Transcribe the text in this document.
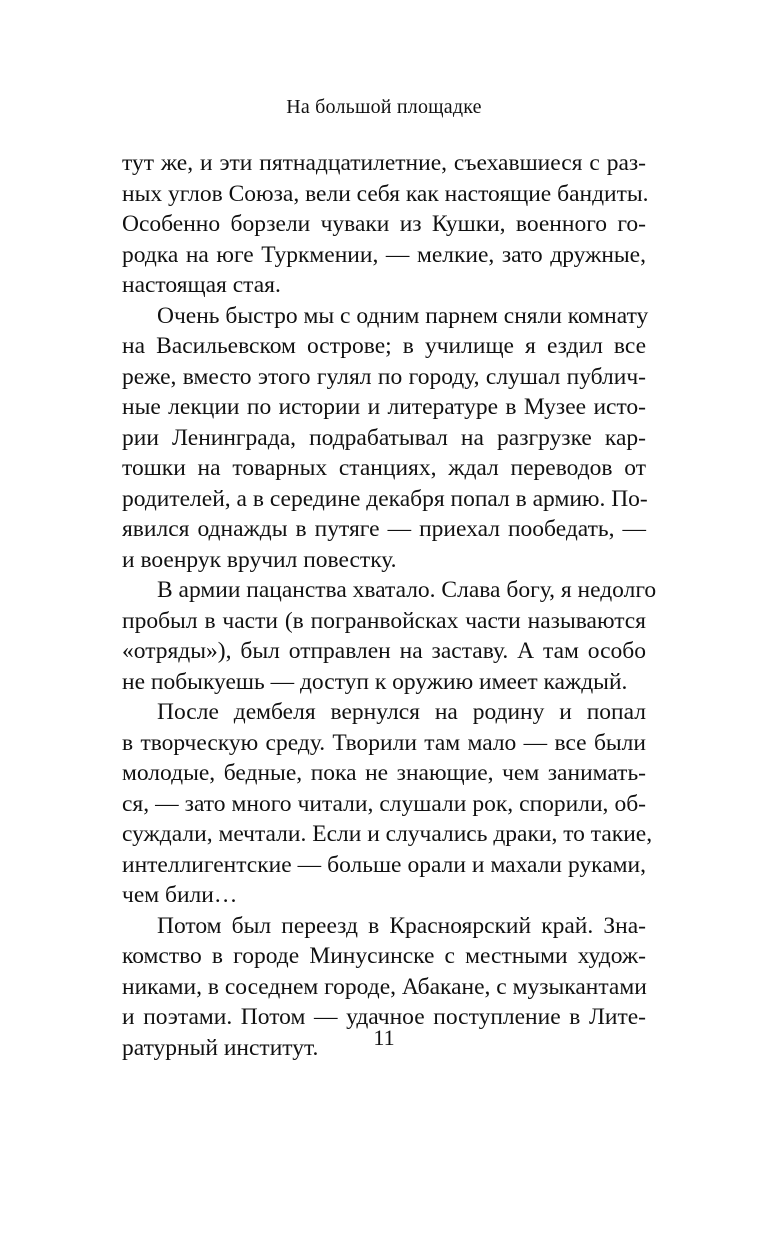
На большой площадке
тут же, и эти пятнадцатилетние, съехавшиеся с раз-
ных углов Союза, вели себя как настоящие бандиты.
Особенно борзели чуваки из Кушки, военного го-
родка на юге Туркмении, — мелкие, зато дружные,
настоящая стая.
Очень быстро мы с одним парнем сняли комнату
на Васильевском острове; в училище я ездил все
реже, вместо этого гулял по городу, слушал публич-
ные лекции по истории и литературе в Музее исто-
рии Ленинграда, подрабатывал на разгрузке кар-
тошки на товарных станциях, ждал переводов от
родителей, а в середине декабря попал в армию. По-
явился однажды в путяге — приехал пообедать, —
и военрук вручил повестку.
В армии пацанства хватало. Слава богу, я недолго
пробыл в части (в погранвойсках части называются
«отряды»), был отправлен на заставу. А там особо
не побыкуешь — доступ к оружию имеет каждый.
После дембеля вернулся на родину и попал
в творческую среду. Творили там мало — все были
молодые, бедные, пока не знающие, чем занимать-
ся, — зато много читали, слушали рок, спорили, об-
суждали, мечтали. Если и случались драки, то такие,
интеллигентские — больше орали и махали руками,
чем били…
Потом был переезд в Красноярский край. Зна-
комство в городе Минусинске с местными худож-
никами, в соседнем городе, Абакане, с музыкантами
и поэтами. Потом — удачное поступление в Лите-
ратурный институт.	11
